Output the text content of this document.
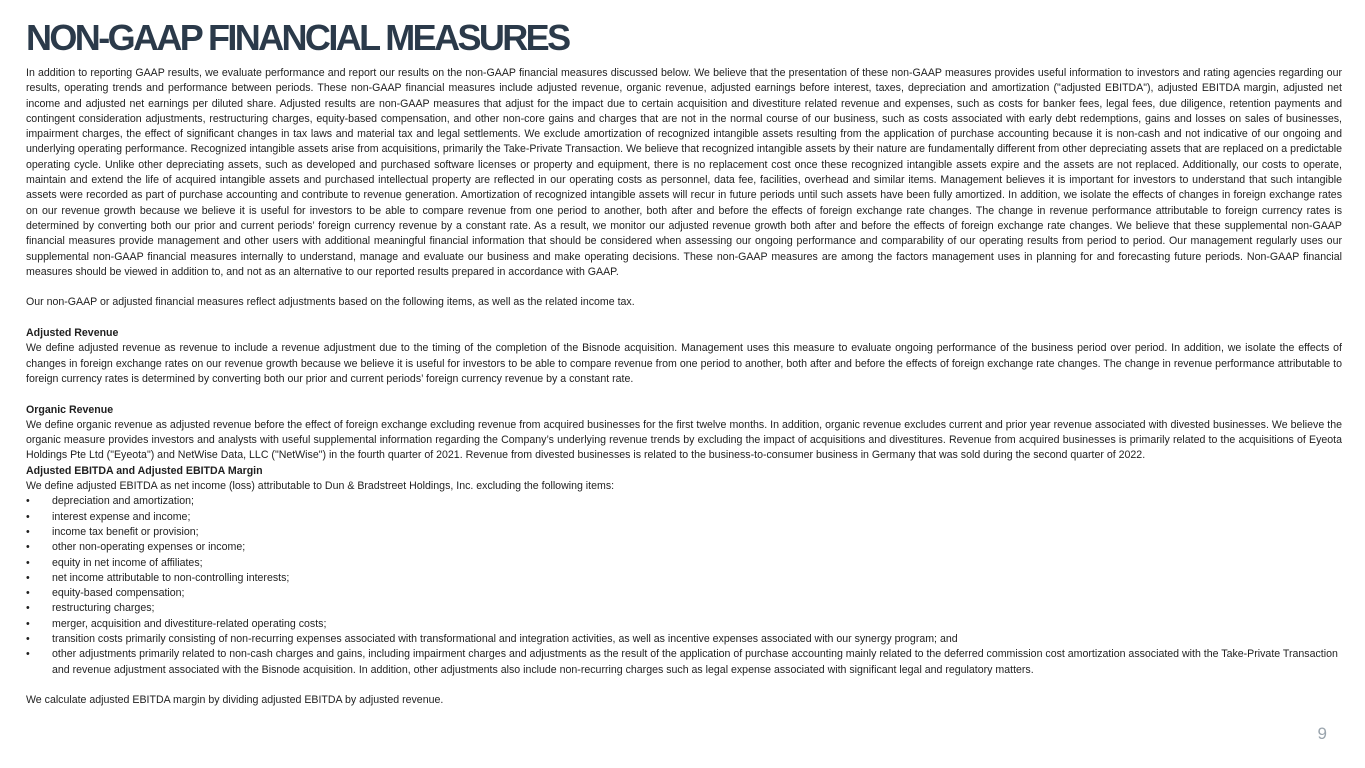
NON-GAAP FINANCIAL MEASURES

In addition to reporting GAAP results, we evaluate performance and report our results on the non-GAAP financial measures discussed below. We believe that the presentation of these non-GAAP measures provides useful information to investors and rating agencies regarding our results, operating trends and performance between periods. These non-GAAP financial measures include adjusted revenue, organic revenue, adjusted earnings before interest, taxes, depreciation and amortization ("adjusted EBITDA"), adjusted EBITDA margin, adjusted net income and adjusted net earnings per diluted share. Adjusted results are non-GAAP measures that adjust for the impact due to certain acquisition and divestiture related revenue and expenses, such as costs for banker fees, legal fees, due diligence, retention payments and contingent consideration adjustments, restructuring charges, equity-based compensation, and other non-core gains and charges that are not in the normal course of our business, such as costs associated with early debt redemptions, gains and losses on sales of businesses, impairment charges, the effect of significant changes in tax laws and material tax and legal settlements. We exclude amortization of recognized intangible assets resulting from the application of purchase accounting because it is non-cash and not indicative of our ongoing and underlying operating performance. Recognized intangible assets arise from acquisitions, primarily the Take-Private Transaction. We believe that recognized intangible assets by their nature are fundamentally different from other depreciating assets that are replaced on a predictable operating cycle. Unlike other depreciating assets, such as developed and purchased software licenses or property and equipment, there is no replacement cost once these recognized intangible assets expire and the assets are not replaced. Additionally, our costs to operate, maintain and extend the life of acquired intangible assets and purchased intellectual property are reflected in our operating costs as personnel, data fee, facilities, overhead and similar items. Management believes it is important for investors to understand that such intangible assets were recorded as part of purchase accounting and contribute to revenue generation. Amortization of recognized intangible assets will recur in future periods until such assets have been fully amortized. In addition, we isolate the effects of changes in foreign exchange rates on our revenue growth because we believe it is useful for investors to be able to compare revenue from one period to another, both after and before the effects of foreign exchange rate changes. The change in revenue performance attributable to foreign currency rates is determined by converting both our prior and current periods’ foreign currency revenue by a constant rate. As a result, we monitor our adjusted revenue growth both after and before the effects of foreign exchange rate changes. We believe that these supplemental non-GAAP financial measures provide management and other users with additional meaningful financial information that should be considered when assessing our ongoing performance and comparability of our operating results from period to period. Our management regularly uses our supplemental non-GAAP financial measures internally to understand, manage and evaluate our business and make operating decisions. These non-GAAP measures are among the factors management uses in planning for and forecasting future periods. Non-GAAP financial measures should be viewed in addition to, and not as an alternative to our reported results prepared in accordance with GAAP.

Our non-GAAP or adjusted financial measures reflect adjustments based on the following items, as well as the related income tax.

Adjusted Revenue

We define adjusted revenue as revenue to include a revenue adjustment due to the timing of the completion of the Bisnode acquisition. Management uses this measure to evaluate ongoing performance of the business period over period. In addition, we isolate the effects of changes in foreign exchange rates on our revenue growth because we believe it is useful for investors to be able to compare revenue from one period to another, both after and before the effects of foreign exchange rate changes. The change in revenue performance attributable to foreign currency rates is determined by converting both our prior and current periods’ foreign currency revenue by a constant rate.

Organic Revenue

We define organic revenue as adjusted revenue before the effect of foreign exchange excluding revenue from acquired businesses for the first twelve months. In addition, organic revenue excludes current and prior year revenue associated with divested businesses. We believe the organic measure provides investors and analysts with useful supplemental information regarding the Company’s underlying revenue trends by excluding the impact of acquisitions and divestitures. Revenue from acquired businesses is primarily related to the acquisitions of Eyeota Holdings Pte Ltd ("Eyeota") and NetWise Data, LLC ("NetWise") in the fourth quarter of 2021. Revenue from divested businesses is related to the business-to-consumer business in Germany that was sold during the second quarter of 2022.

Adjusted EBITDA and Adjusted EBITDA Margin

We define adjusted EBITDA as net income (loss) attributable to Dun & Bradstreet Holdings, Inc. excluding the following items:

• depreciation and amortization;
• interest expense and income;
• income tax benefit or provision;
• other non-operating expenses or income;
• equity in net income of affiliates;
• net income attributable to non-controlling interests;
• equity-based compensation;
• restructuring charges;
• merger, acquisition and divestiture-related operating costs;
• transition costs primarily consisting of non-recurring expenses associated with transformational and integration activities, as well as incentive expenses associated with our synergy program; and
• other adjustments primarily related to non-cash charges and gains, including impairment charges and adjustments as the result of the application of purchase accounting mainly related to the deferred commission cost amortization associated with the Take-Private Transaction and revenue adjustment associated with the Bisnode acquisition. In addition, other adjustments also include non-recurring charges such as legal expense associated with significant legal and regulatory matters.

We calculate adjusted EBITDA margin by dividing adjusted EBITDA by adjusted revenue.

9
